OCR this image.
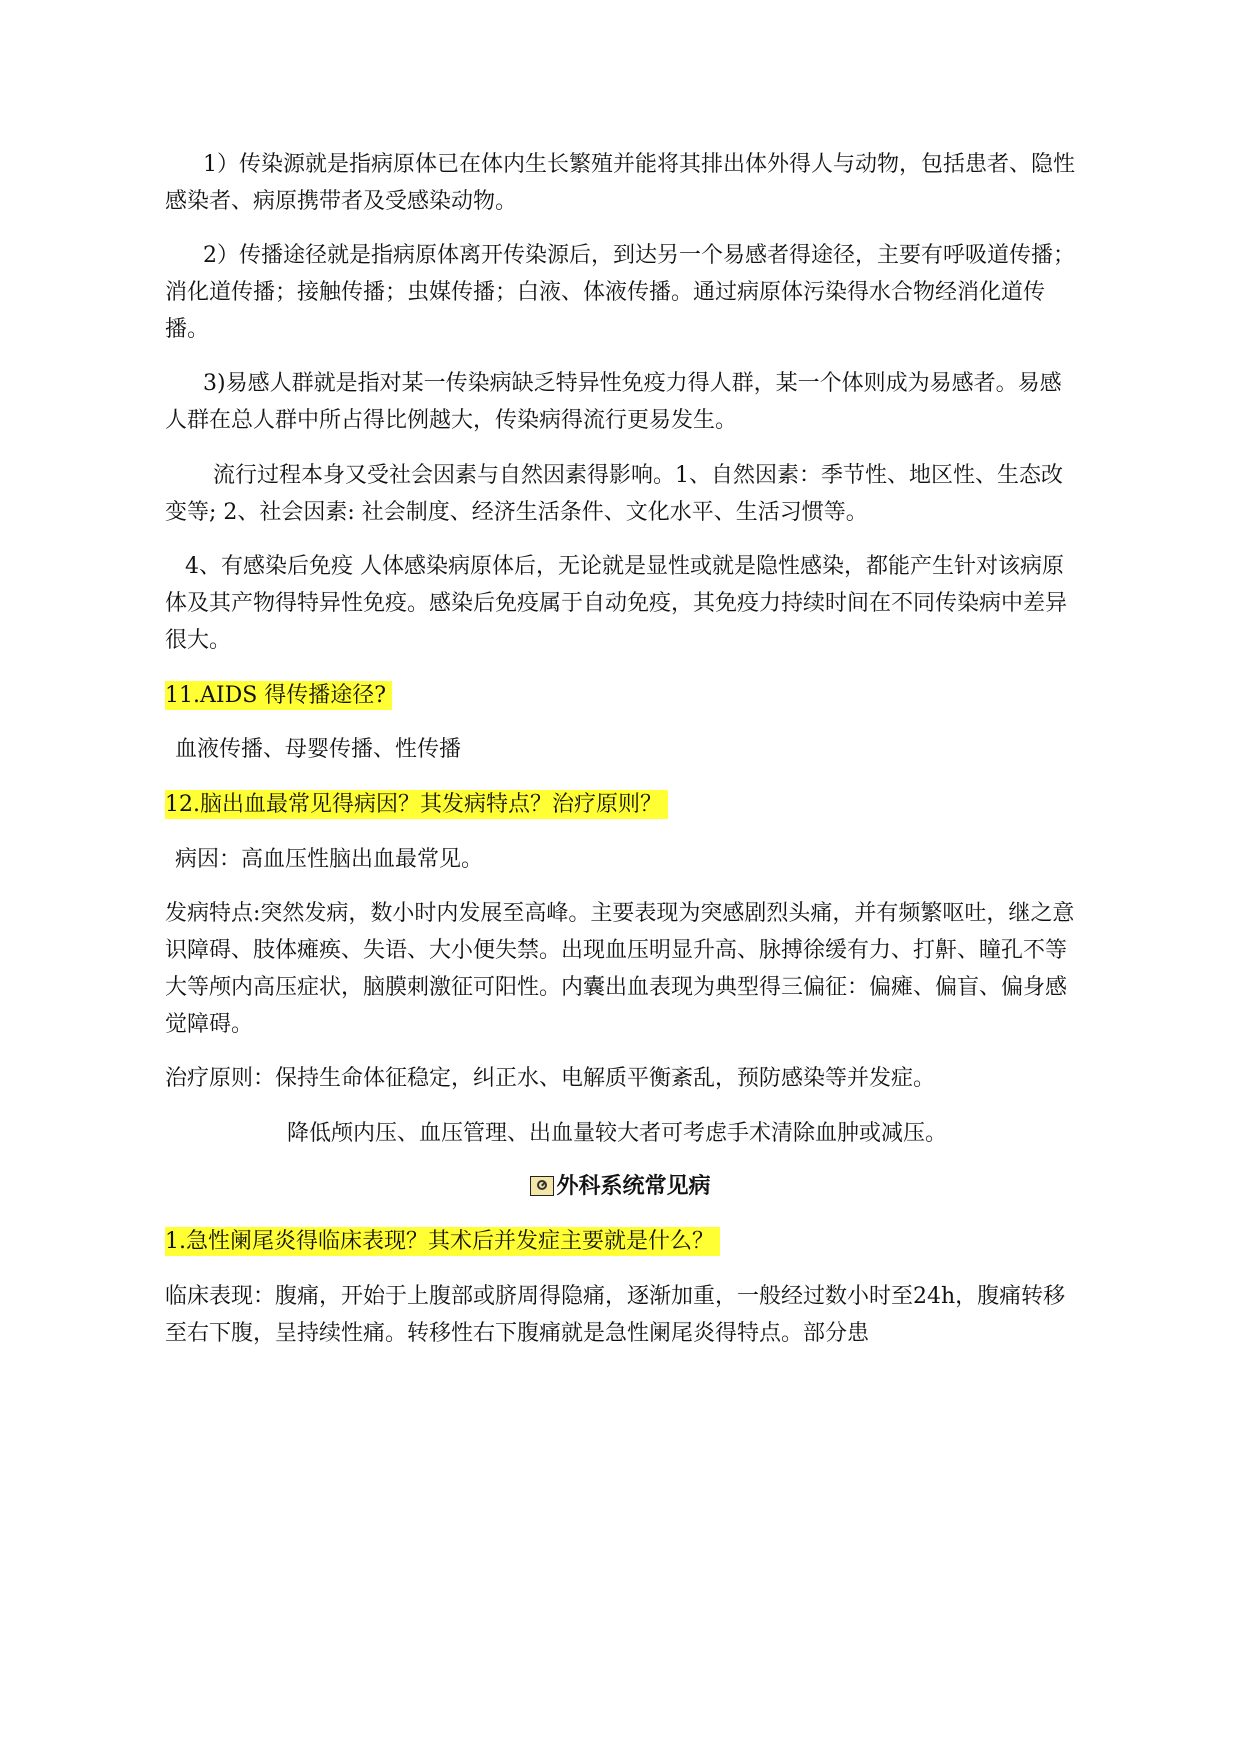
1）传染源就是指病原体已在体内生长繁殖并能将其排出体外得人与动物，包括患者、隐性感染者、病原携带者及受感染动物。

2）传播途径就是指病原体离开传染源后，到达另一个易感者得途径，主要有呼吸道传播；消化道传播；接触传播；虫媒传播；白液、体液传播。通过病原体污染得水合物经消化道传播。

3)易感人群就是指对某一传染病缺乏特异性免疫力得人群，某一个体则成为易感者。易感人群在总人群中所占得比例越大，传染病得流行更易发生。

流行过程本身又受社会因素与自然因素得影响。1、自然因素：季节性、地区性、生态改变等; 2、社会因素: 社会制度、经济生活条件、文化水平、生活习惯等。

4、有感染后免疫 人体感染病原体后，无论就是显性或就是隐性感染，都能产生针对该病原体及其产物得特异性免疫。感染后免疫属于自动免疫，其免疫力持续时间在不同传染病中差异很大。

11.AIDS 得传播途径?

血液传播、母婴传播、性传播

12.脑出血最常见得病因？其发病特点？治疗原则？

病因：高血压性脑出血最常见。

发病特点:突然发病，数小时内发展至高峰。主要表现为突感剧烈头痛，并有频繁呕吐，继之意识障碍、肢体瘫痪、失语、大小便失禁。出现血压明显升高、脉搏徐缓有力、打鼾、瞳孔不等大等颅内高压症状，脑膜刺激征可阳性。内囊出血表现为典型得三偏征：偏瘫、偏盲、偏身感觉障碍。

治疗原则：保持生命体征稳定，纠正水、电解质平衡紊乱，预防感染等并发症。

降低颅内压、血压管理、出血量较大者可考虑手术清除血肿或减压。

外科系统常见病

1.急性阑尾炎得临床表现？其术后并发症主要就是什么？

临床表现：腹痛，开始于上腹部或脐周得隐痛，逐渐加重，一般经过数小时至24h，腹痛转移至右下腹，呈持续性痛。转移性右下腹痛就是急性阑尾炎得特点。部分患
